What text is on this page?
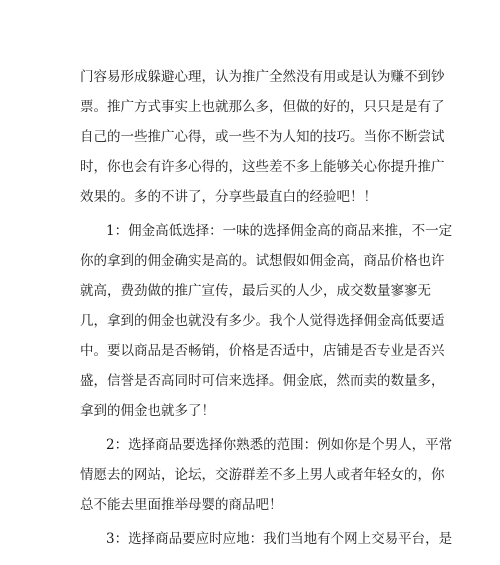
门容易形成躲避心理，认为推广全然没有用或是认为赚不到钞
票。推广方式事实上也就那么多，但做的好的，只只是是有了
自己的一些推广心得，或一些不为人知的技巧。当你不断尝试
时，你也会有许多心得的，这些差不多上能够关心你提升推广
效果的。多的不讲了，分享些最直白的经验吧！！
1：佣金高低选择：一味的选择佣金高的商品来推，不一定
你的拿到的佣金确实是高的。试想假如佣金高，商品价格也许
就高，费劲做的推广宣传，最后买的人少，成交数量寥寥无
几，拿到的佣金也就没有多少。我个人觉得选择佣金高低要适
中。要以商品是否畅销，价格是否适中，店铺是否专业是否兴
盛，信誉是否高同时可信来选择。佣金底，然而卖的数量多，
拿到的佣金也就多了！
2：选择商品要选择你熟悉的范围：例如你是个男人，平常
情愿去的网站，论坛，交游群差不多上男人或者年轻女的，你
总不能去里面推举母婴的商品吧！
3：选择商品要应时应地：我们当地有个网上交易平台，是
